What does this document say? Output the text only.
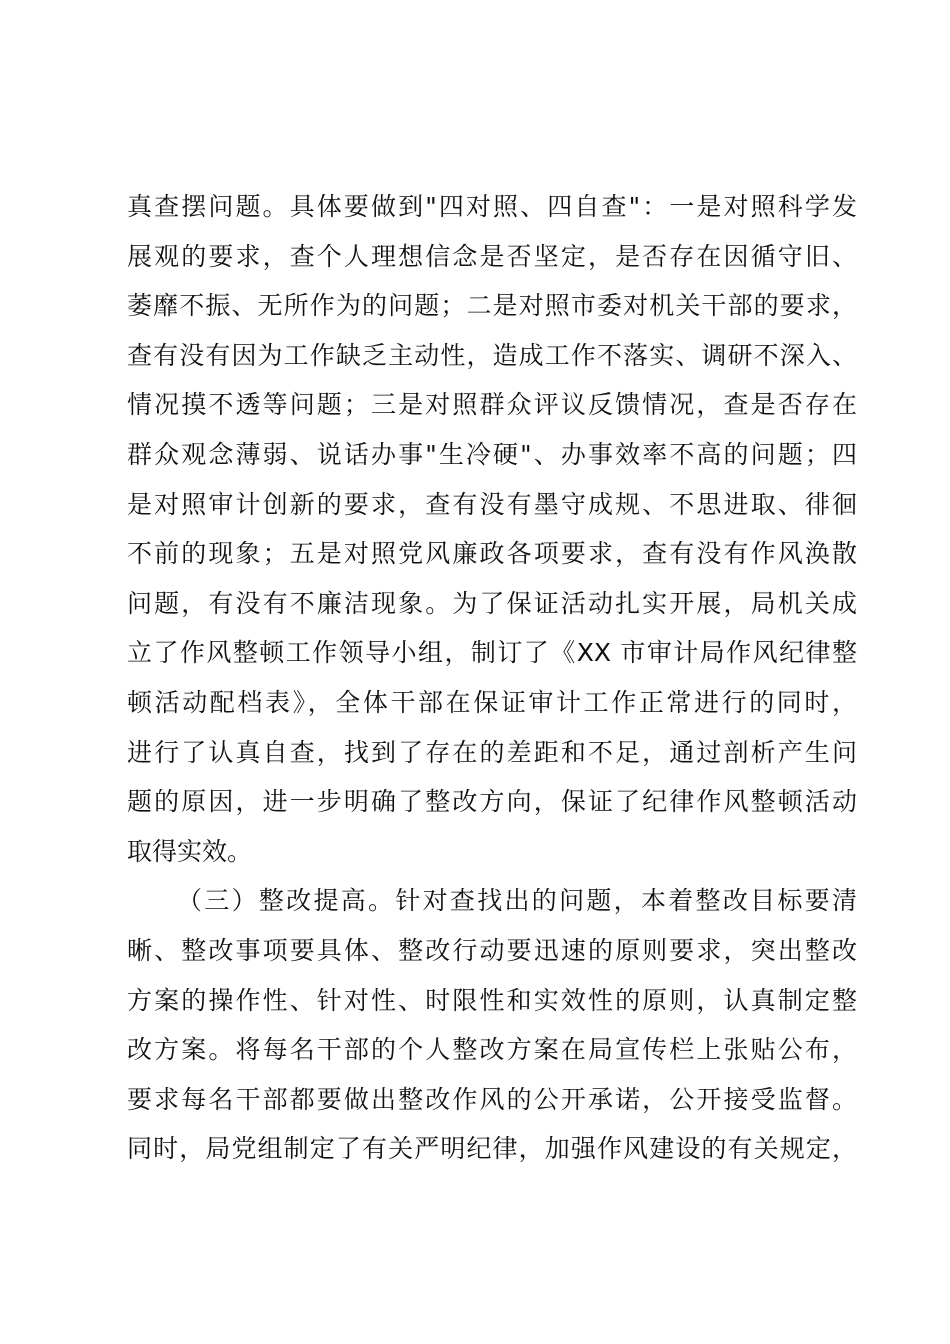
真查摆问题。具体要做到"四对照、四自查"：一是对照科学发
展观的要求，查个人理想信念是否坚定，是否存在因循守旧、
萎靡不振、无所作为的问题；二是对照市委对机关干部的要求，
查有没有因为工作缺乏主动性，造成工作不落实、调研不深入、
情况摸不透等问题；三是对照群众评议反馈情况，查是否存在
群众观念薄弱、说话办事"生冷硬"、办事效率不高的问题；四
是对照审计创新的要求，查有没有墨守成规、不思进取、徘徊
不前的现象；五是对照党风廉政各项要求，查有没有作风涣散
问题，有没有不廉洁现象。为了保证活动扎实开展，局机关成
立了作风整顿工作领导小组，制订了《XX 市审计局作风纪律整
顿活动配档表》，全体干部在保证审计工作正常进行的同时，
进行了认真自查，找到了存在的差距和不足，通过剖析产生问
题的原因，进一步明确了整改方向，保证了纪律作风整顿活动
取得实效。
（三）整改提高。针对查找出的问题，本着整改目标要清
晰、整改事项要具体、整改行动要迅速的原则要求，突出整改
方案的操作性、针对性、时限性和实效性的原则，认真制定整
改方案。将每名干部的个人整改方案在局宣传栏上张贴公布，
要求每名干部都要做出整改作风的公开承诺，公开接受监督。
同时，局党组制定了有关严明纪律，加强作风建设的有关规定，
